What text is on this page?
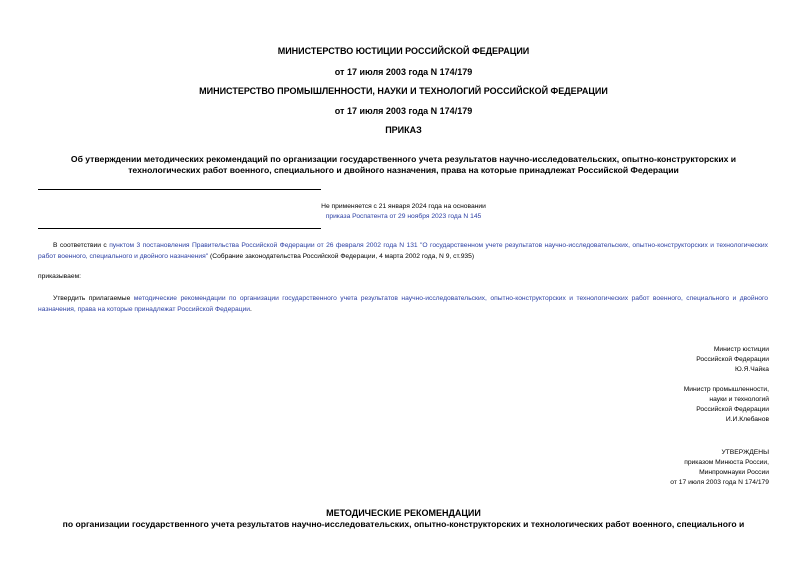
МИНИСТЕРСТВО ЮСТИЦИИ РОССИЙСКОЙ ФЕДЕРАЦИИ
от 17 июля 2003 года N 174/179
МИНИСТЕРСТВО ПРОМЫШЛЕННОСТИ, НАУКИ И ТЕХНОЛОГИЙ РОССИЙСКОЙ ФЕДЕРАЦИИ
от 17 июля 2003 года N 174/179
ПРИКАЗ
Об утверждении методических рекомендаций по организации государственного учета результатов научно-исследовательских, опытно-конструкторских и
технологических работ военного, специального и двойного назначения, права на которые принадлежат Российской Федерации
Не применяется с 21 января 2024 года на основании
приказа Роспатента от 29 ноября 2023 года N 145
В соответствии с пунктом 3 постановления Правительства Российской Федерации от 26 февраля 2002 года N 131 "О государственном учете результатов научно-исследовательских, опытно-конструкторских и технологических работ военного, специального и двойного назначения" (Собрание законодательства Российской Федерации, 4 марта 2002 года, N 9, ст.935)
приказываем:
Утвердить прилагаемые методические рекомендации по организации государственного учета результатов научно-исследовательских, опытно-конструкторских и технологических работ военного, специального и двойного назначения, права на которые принадлежат Российской Федерации.
Министр юстиции
Российской Федерации
Ю.Я.Чайка
Министр промышленности,
науки и технологий
Российской Федерации
И.И.Клебанов
УТВЕРЖДЕНЫ
приказом Минюста России,
Минпромнауки России
от 17 июля 2003 года N 174/179
МЕТОДИЧЕСКИЕ РЕКОМЕНДАЦИИ
по организации государственного учета результатов научно-исследовательских, опытно-конструкторских и технологических работ военного, специального и
